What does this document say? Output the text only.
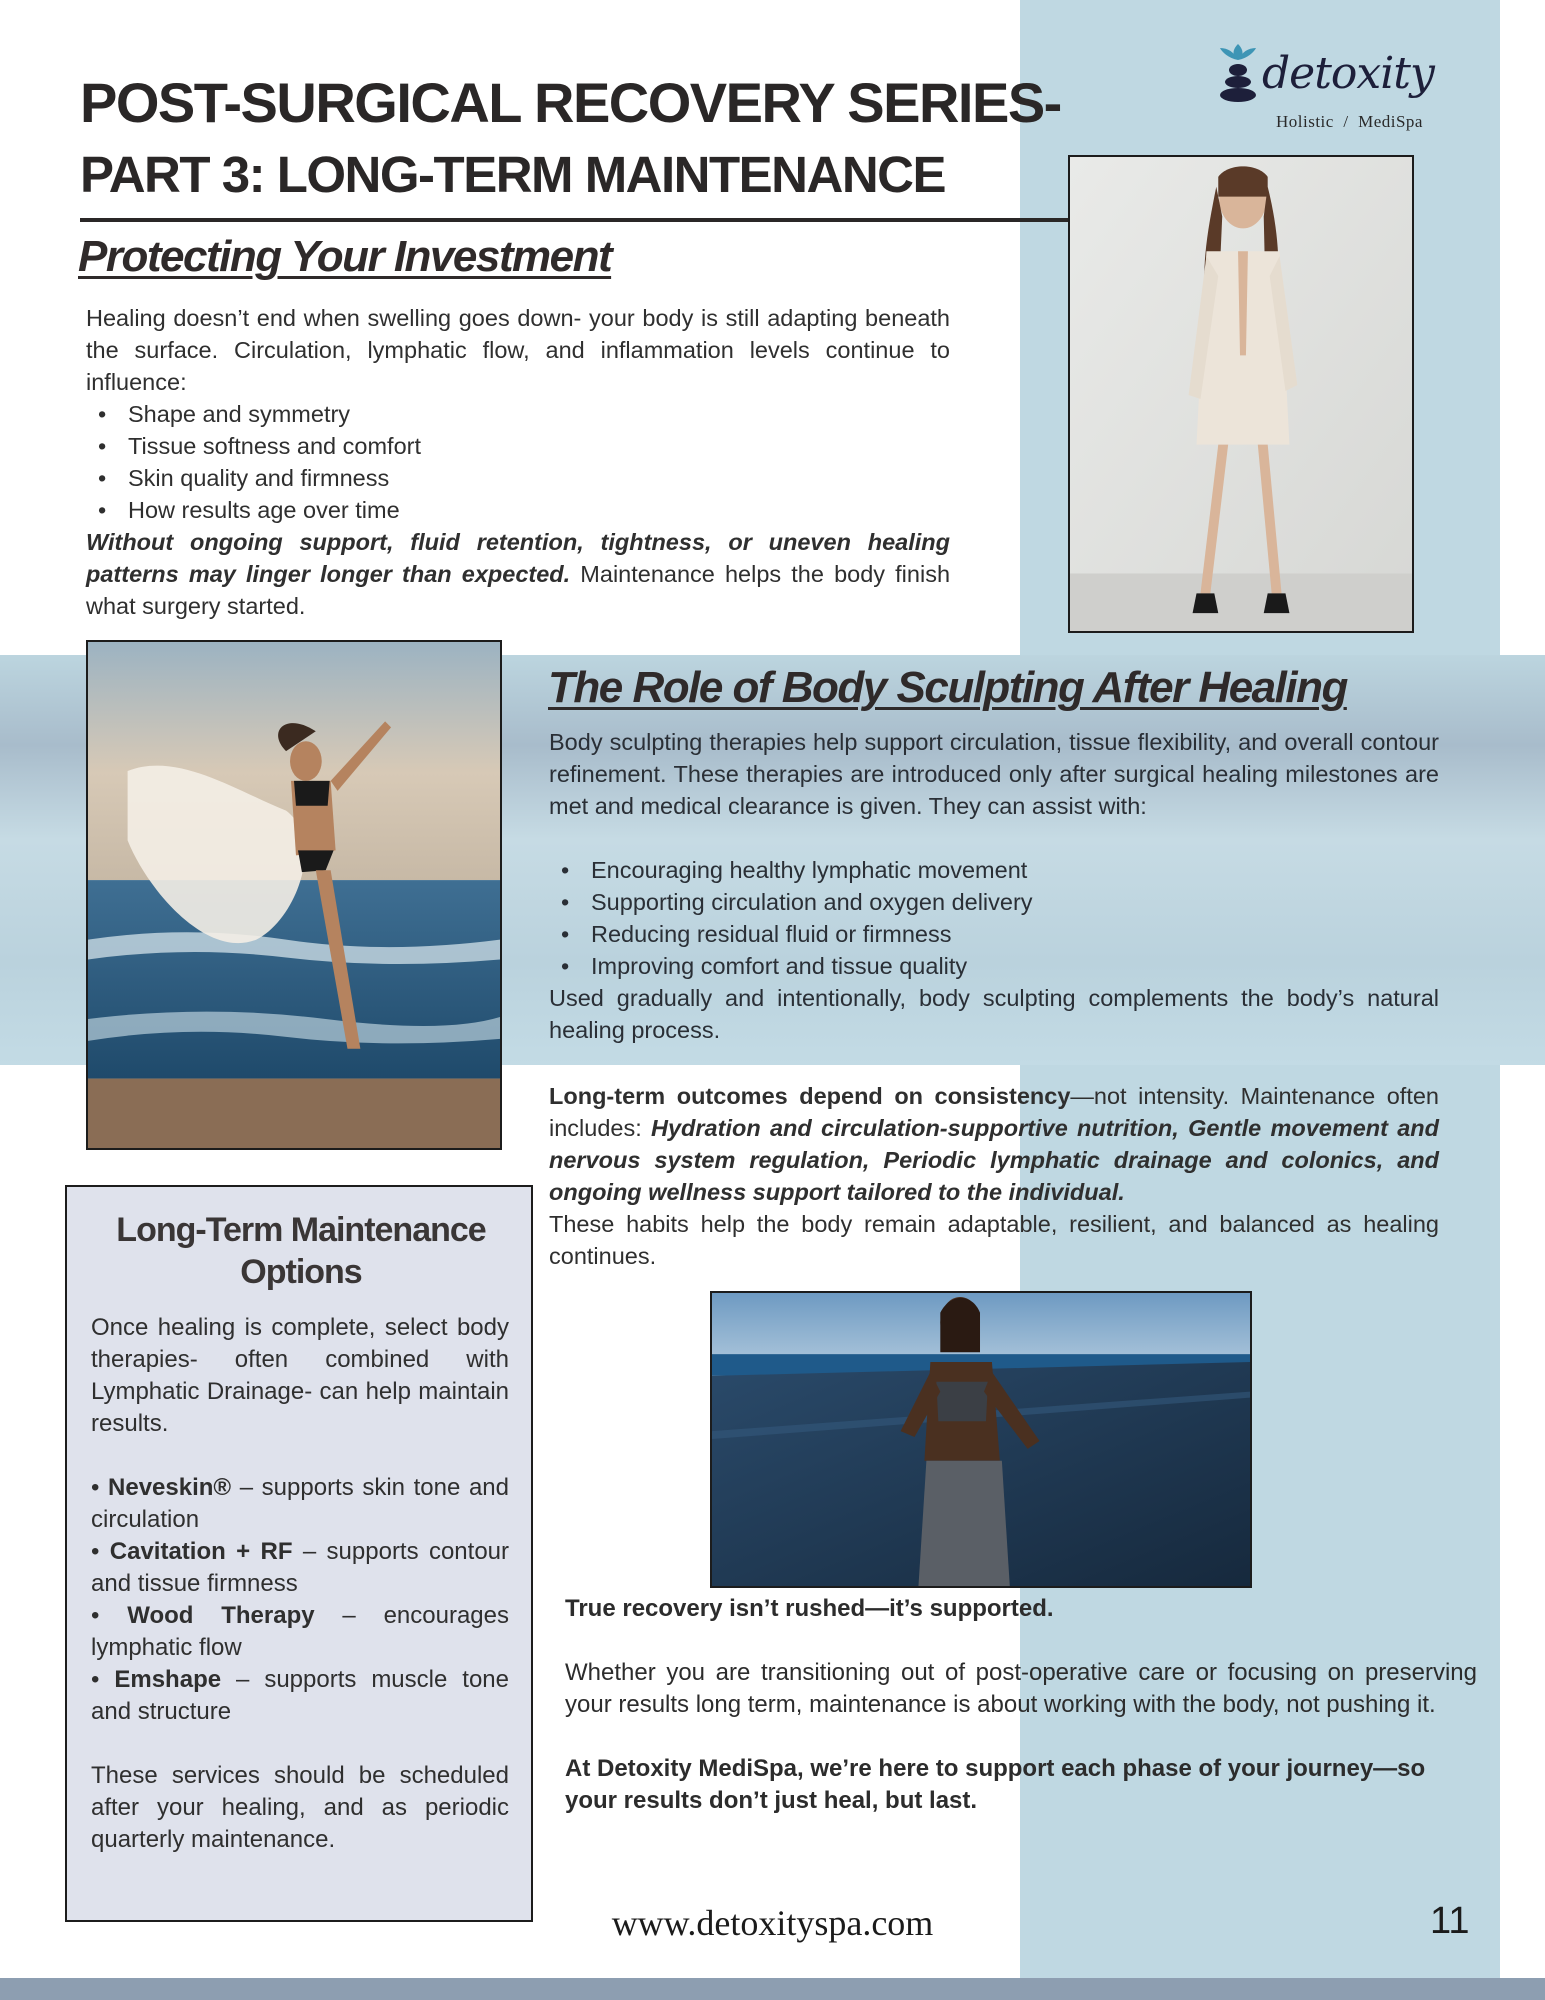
POST-SURGICAL RECOVERY SERIES-
PART 3: LONG-TERM MAINTENANCE
detoxity
Holistic  /  MediSpa
Protecting Your Investment

Healing doesn’t end when swelling goes down- your body is still adapting beneath the surface. Circulation, lymphatic flow, and inflammation levels continue to influence:

• Shape and symmetry
• Tissue softness and comfort
• Skin quality and firmness
• How results age over time

Without ongoing support, fluid retention, tightness, or uneven healing patterns may linger longer than expected. Maintenance helps the body finish what surgery started.

The Role of Body Sculpting After Healing

Body sculpting therapies help support circulation, tissue flexibility, and overall contour refinement. These therapies are introduced only after surgical healing milestones are met and medical clearance is given. They can assist with:

• Encouraging healthy lymphatic movement
• Supporting circulation and oxygen delivery
• Reducing residual fluid or firmness
• Improving comfort and tissue quality

Used gradually and intentionally, body sculpting complements the body’s natural healing process.

Long-term outcomes depend on consistency—not intensity. Maintenance often includes: Hydration and circulation-supportive nutrition, Gentle movement and nervous system regulation, Periodic lymphatic drainage and colonics, and ongoing wellness support tailored to the individual.

These habits help the body remain adaptable, resilient, and balanced as healing continues.

Long-Term Maintenance Options

Once healing is complete, select body therapies- often combined with Lymphatic Drainage- can help maintain results.

• Neveskin® – supports skin tone and circulation

• Cavitation + RF – supports contour and tissue firmness

• Wood Therapy – encourages lymphatic flow

• Emshape – supports muscle tone and structure

These services should be scheduled after your healing, and as periodic quarterly maintenance.

True recovery isn’t rushed—it’s supported.

Whether you are transitioning out of post-operative care or focusing on preserving your results long term, maintenance is about working with the body, not pushing it.

At Detoxity MediSpa, we’re here to support each phase of your journey—so your results don’t just heal, but last.

www.detoxityspa.com	11
